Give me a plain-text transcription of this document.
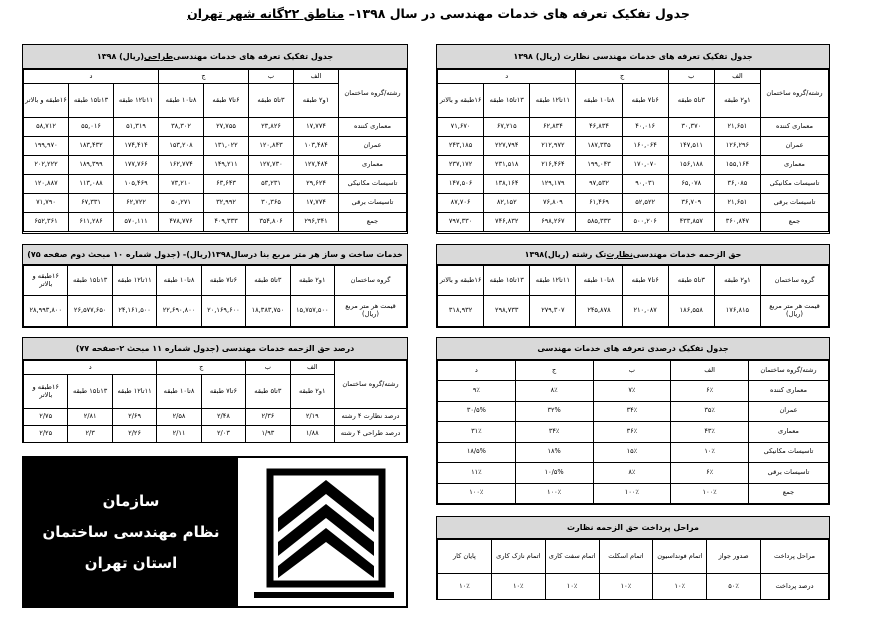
جدول تفکیک تعرفه های خدمات مهندسی در سال ۱۳۹۸– مناطق ۲۲گانه شهر تهران
جدول تفکیک تعرفه های خدمات مهندسی نظارت (ریال) ۱۳۹۸
رشته/گروه ساختمان	الف	ب	ج		د		
	۱و۲ طبقه	۳تا۵ طبقه	۶تا۷ طبقه	۸تا۱۰ طبقه	۱۱تا۱۲ طبقه	۱۳تا۱۵ طبقه	۱۶طبقه و بالاتر
معماری کننده	۲۱,۶۵۱	۳۰,۳۷۰	۴۰,۰۱۶	۴۶,۸۳۴	۶۲,۸۳۴	۶۷,۲۱۵	۷۱,۶۷۰
عمران	۱۲۶,۲۹۶	۱۴۷,۵۱۱	۱۶۰,۰۶۴	۱۸۷,۳۳۵	۲۱۲,۹۷۲	۲۲۷,۷۹۴	۲۴۳,۱۸۵
معماری	۱۵۵,۱۶۴	۱۵۶,۱۸۸	۱۷۰,۰۷۰	۱۹۹,۰۴۳	۲۱۶,۴۶۴	۲۳۱,۵۱۸	۲۳۷,۱۷۲
تاسیسات مکانیکی	۳۶,۰۸۵	۶۵,۰۷۸	۹۰,۰۳۱	۹۷,۵۳۲	۱۲۹,۱۷۹	۱۳۸,۱۶۴	۱۴۷,۵۰۶
تاسیسات برقی	۲۱,۶۵۱	۳۶,۷۰۹	۵۲,۵۲۲	۶۱,۴۶۹	۷۶,۸۰۹	۸۲,۱۵۲	۸۷,۷۰۶
جمع	۳۶۰,۸۴۷	۴۳۳,۸۵۷	۵۰۰,۲۰۶	۵۸۵,۳۳۳	۶۹۸,۲۶۷	۷۴۶,۸۳۲	۷۹۷,۳۳۰
جدول تفکیک تعرفه های خدمات مهندسی
طراحی
(ریال) ۱۳۹۸
رشته/گروه ساختمان	الف	ب	ج		د		
	۱و۲ طبقه	۳تا۵ طبقه	۶تا۷ طبقه	۸تا۱۰ طبقه	۱۱تا۱۲ طبقه	۱۳تا۱۵ طبقه	۱۶طبقه و بالاتر
معماری کننده	۱۷,۷۷۴	۲۳,۸۲۶	۲۷,۷۵۵	۳۸,۳۰۲	۵۱,۳۱۹	۵۵,۰۱۶	۵۸,۷۱۲
عمران	۱۰۳,۴۸۴	۱۲۰,۸۴۳	۱۳۱,۰۲۲	۱۵۳,۲۰۸	۱۷۴,۴۱۴	۱۸۳,۴۳۲	۱۹۹,۹۷۰
معماری	۱۲۷,۴۸۴	۱۲۷,۷۳۰	۱۴۹,۲۱۱	۱۶۲,۷۷۴	۱۷۷,۷۶۶	۱۸۹,۳۹۹	۲۰۲,۲۲۲
تاسیسات مکانیکی	۲۹,۶۲۴	۵۳,۲۳۱	۶۳,۶۴۳	۷۳,۲۱۰	۱۰۵,۴۶۹	۱۱۳,۰۸۸	۱۲۰,۸۸۷
تاسیسات برقی	۱۷,۷۷۴	۳۰,۳۶۵	۳۲,۹۹۲	۵۰,۲۷۱	۶۲,۷۲۲	۶۷,۳۳۱	۷۱,۷۹۰
جمع	۲۹۶,۳۴۱	۳۵۴,۸۰۶	۴۰۹,۳۳۳	۴۷۸,۷۷۶	۵۷۰,۱۱۱	۶۱۱,۲۸۶	۶۵۲,۳۶۱
حق الزحمه خدمات مهندسی
نظارت
تک رشته (ریال)۱۳۹۸
گروه ساختمان	۱و۲ طبقه	۳تا۵ طبقه	۶تا۷ طبقه	۸تا۱۰ طبقه	۱۱تا۱۲ طبقه	۱۳تا۱۵ طبقه	۱۶طبقه و بالاتر
قیمت هر متر مربع (ریال)	۱۷۶,۸۱۵	۱۸۶,۵۵۸	۲۱۰,۰۸۷	۲۴۵,۸۷۸	۲۷۹,۳۰۷	۲۹۸,۷۳۳	۳۱۸,۹۳۲
خدمات ساخت و ساز هر متر مربع بنا درسال۱۳۹۸(ریال)- (جدول شماره ۱۰ مبحث دوم صفحه ۷۵)
گروه ساختمان	۱و۲ طبقه	۳تا۵ طبقه	۶تا۷ طبقه	۸تا۱۰ طبقه	۱۱تا۱۲ طبقه	۱۳تا۱۵ طبقه	۱۶طبقه و بالاتر
قیمت هر متر مربع (ریال)	۱۵,۷۵۷,۵۰۰	۱۸,۳۸۳,۷۵۰	۲۰,۱۶۹,۶۰۰	۲۲,۶۹۰,۸۰۰	۲۴,۱۶۱,۵۰۰	۲۶,۵۷۷,۶۵۰	۲۸,۹۹۳,۸۰۰
درصد حق الزحمه خدمات مهندسی (جدول شماره ۱۱ مبحث ۲-صفحه ۷۷)
رشته/گروه ساختمان	الف	ب	ج		د		
	۱و۲ طبقه	۳تا۵ طبقه	۶تا۷ طبقه	۸تا۱۰ طبقه	۱۱تا۱۲ طبقه	۱۳تا۱۵ طبقه	۱۶طبقه و بالاتر
درصد نظارت ۴ رشته	۲/۱۹	۲/۳۶	۲/۴۸	۲/۵۸	۲/۶۹	۲/۸۱	۲/۷۵
درصد طراحی ۴ رشته	۱/۸۸	۱/۹۳	۲/۰۳	۲/۱۱	۲/۲۶	۲/۳	۲/۲۵
جدول تفکیک درصدی تعرفه های خدمات مهندسی
رشته/گروه ساختمان	الف	ب	ج	د
معماری کننده	۶٪	۷٪	۸٪	۹٪
عمران	۳۵٪	۳۴٪	۳۲%	۳۰/۵%
معماری	۴۳٪	۳۶٪	۳۴٪	۳۱٪
تاسیسات مکانیکی	۱۰٪	۱۵٪	۱۸%	۱۸/۵%
تاسیسات برقی	۶٪	۸٪	۱۰/۵%	۱۱٪
جمع	۱۰۰٪	۱۰۰٪	۱۰۰٪	۱۰۰٪
مراحل پرداخت حق الزحمه نظارت
مراحل پرداخت	صدور جواز	اتمام فونداسیون	اتمام اسکلت	اتمام سفت کاری	اتمام نازک کاری	پایان کار
درصد پرداخت	۵۰٪	۱۰٪	۱۰٪	۱۰٪	۱۰٪	۱۰٪
سازمان
نظام مهندسی ساختمان
استان تهران
